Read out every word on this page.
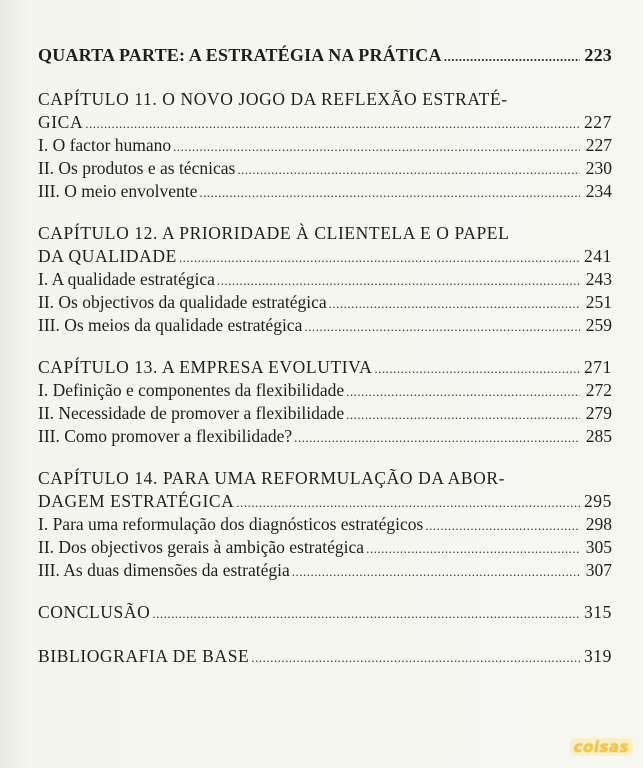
QUARTA PARTE: A ESTRATÉGIA NA PRÁTICA .....	223
CAPÍTULO 11. O NOVO JOGO DA REFLEXÃO ESTRATÉ-
GICA .....	227
I. O factor humano .....	227
II. Os produtos e as técnicas .....	230
III. O meio envolvente .....	234
CAPÍTULO 12. A PRIORIDADE À CLIENTELA E O PAPEL
DA QUALIDADE .....	241
I. A qualidade estratégica .....	243
II. Os objectivos da qualidade estratégica .....	251
III. Os meios da qualidade estratégica .....	259
CAPÍTULO 13. A EMPRESA EVOLUTIVA .....	271
I. Definição e componentes da flexibilidade .....	272
II. Necessidade de promover a flexibilidade .....	279
III. Como promover a flexibilidade? .....	285
CAPÍTULO 14. PARA UMA REFORMULAÇÃO DA ABOR-
DAGEM ESTRATÉGICA .....	295
I. Para uma reformulação dos diagnósticos estratégicos .....	298
II. Dos objectivos gerais à ambição estratégica .....	305
III. As duas dimensões da estratégia .....	307
CONCLUSÃO .....	315
BIBLIOGRAFIA DE BASE .....	319
coisas
